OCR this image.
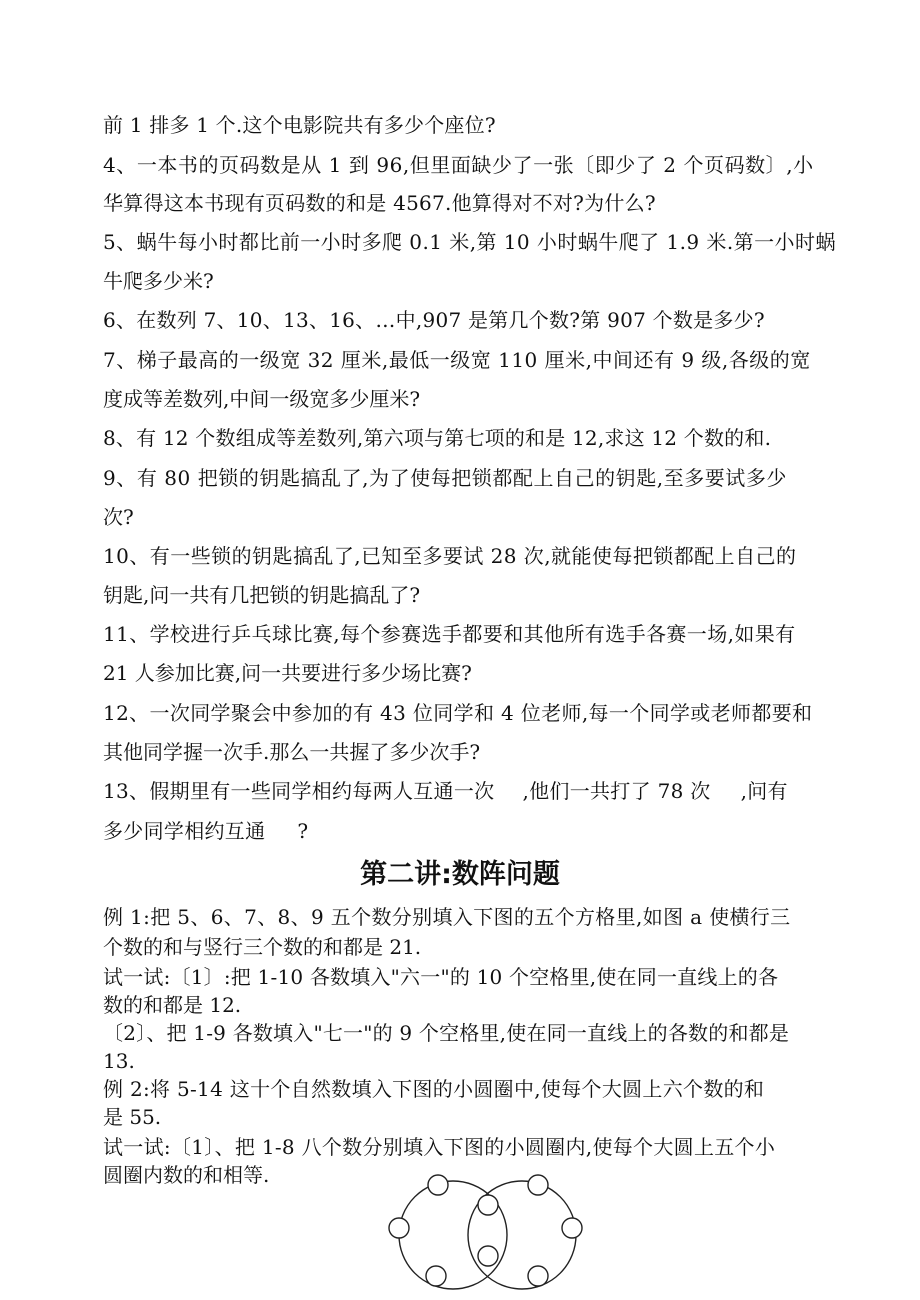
前 1 排多 1 个.这个电影院共有多少个座位?
4、一本书的页码数是从 1 到 96,但里面缺少了一张〔即少了 2 个页码数〕,小
华算得这本书现有页码数的和是 4567.他算得对不对?为什么?
5、蜗牛每小时都比前一小时多爬 0.1 米,第 10 小时蜗牛爬了 1.9 米.第一小时蜗
牛爬多少米?
6、在数列 7、10、13、16、…中,907 是第几个数?第 907 个数是多少?
7、梯子最高的一级宽 32 厘米,最低一级宽 110 厘米,中间还有 9 级,各级的宽
度成等差数列,中间一级宽多少厘米?
8、有 12 个数组成等差数列,第六项与第七项的和是 12,求这 12 个数的和.
9、有 80 把锁的钥匙搞乱了,为了使每把锁都配上自己的钥匙,至多要试多少
次?
10、有一些锁的钥匙搞乱了,已知至多要试 28 次,就能使每把锁都配上自己的
钥匙,问一共有几把锁的钥匙搞乱了?
11、学校进行乒乓球比赛,每个参赛选手都要和其他所有选手各赛一场,如果有
21 人参加比赛,问一共要进行多少场比赛?
12、一次同学聚会中参加的有 43 位同学和 4 位老师,每一个同学或老师都要和
其他同学握一次手.那么一共握了多少次手?
13、假期里有一些同学相约每两人互通一次 ,他们一共打了 78 次 ,问有
多少同学相约互通 ?
第二讲:数阵问题
例 1:把 5、6、7、8、9 五个数分别填入下图的五个方格里,如图 a 使横行三
个数的和与竖行三个数的和都是 21.
试一试:〔1〕:把 1-10 各数填入"六一"的 10 个空格里,使在同一直线上的各
数的和都是 12.
〔2〕、把 1-9 各数填入"七一"的 9 个空格里,使在同一直线上的各数的和都是
13.
例 2:将 5-14 这十个自然数填入下图的小圆圈中,使每个大圆上六个数的和
是 55.
试一试:〔1〕、把 1-8 八个数分别填入下图的小圆圈内,使每个大圆上五个小
圆圈内数的和相等.
